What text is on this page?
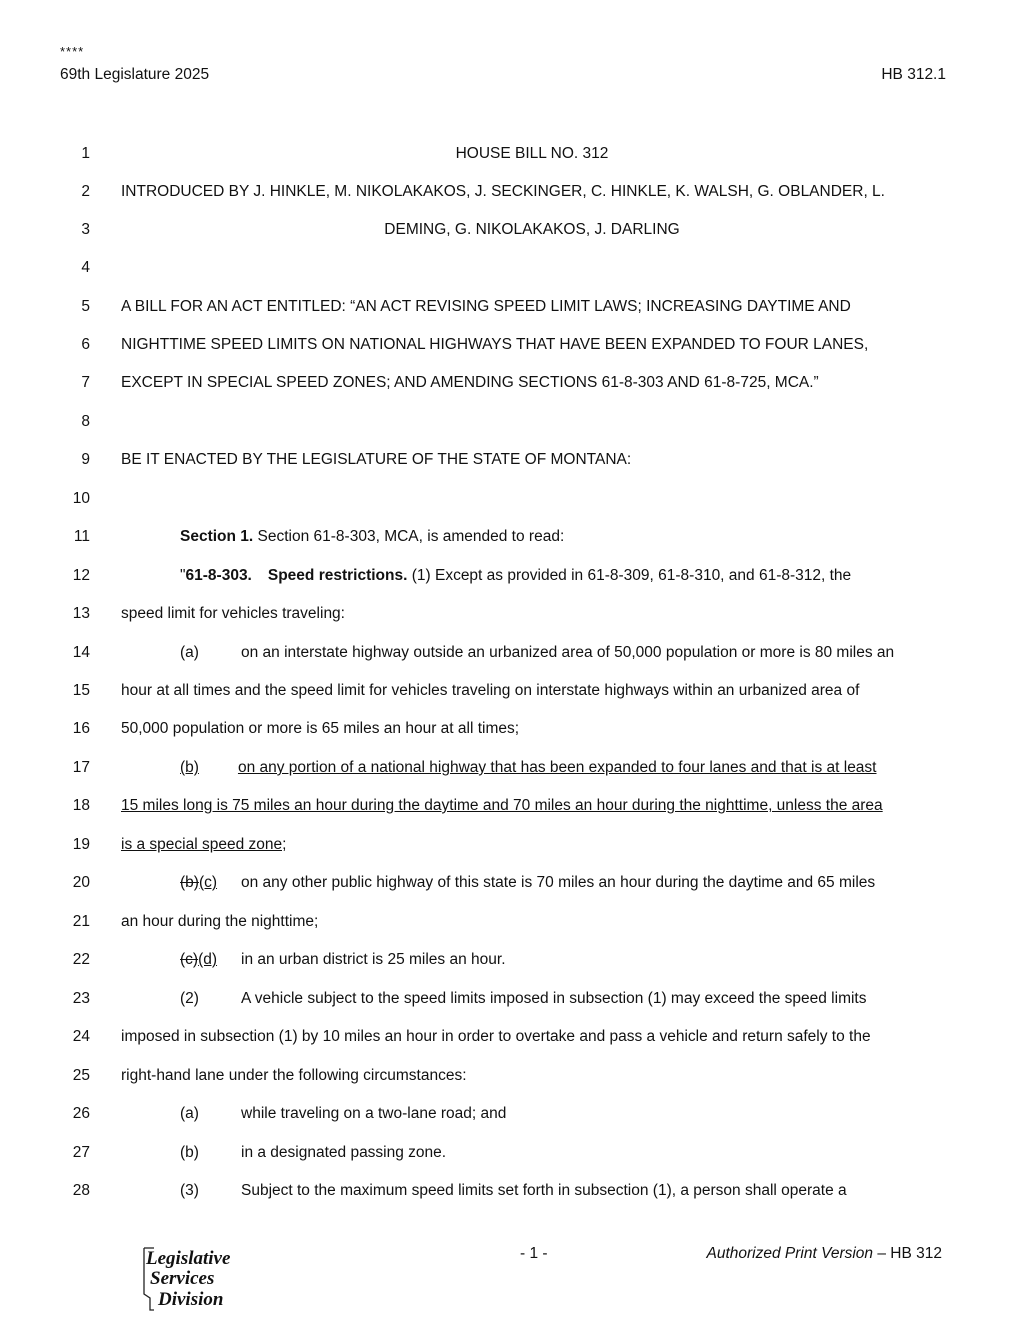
****
69th Legislature 2025	HB 312.1
1	HOUSE BILL NO. 312
2 INTRODUCED BY J. HINKLE, M. NIKOLAKAKOS, J. SECKINGER, C. HINKLE, K. WALSH, G. OBLANDER, L.
3	DEMING, G. NIKOLAKAKOS, J. DARLING
4
5 A BILL FOR AN ACT ENTITLED: “AN ACT REVISING SPEED LIMIT LAWS; INCREASING DAYTIME AND
6 NIGHTTIME SPEED LIMITS ON NATIONAL HIGHWAYS THAT HAVE BEEN EXPANDED TO FOUR LANES,
7 EXCEPT IN SPECIAL SPEED ZONES; AND AMENDING SECTIONS 61-8-303 AND 61-8-725, MCA.”
8
9 BE IT ENACTED BY THE LEGISLATURE OF THE STATE OF MONTANA:
10
11	Section 1. Section 61-8-303, MCA, is amended to read:
12	"61-8-303. Speed restrictions. (1) Except as provided in 61-8-309, 61-8-310, and 61-8-312, the
13 speed limit for vehicles traveling:
14	(a)	on an interstate highway outside an urbanized area of 50,000 population or more is 80 miles an
15 hour at all times and the speed limit for vehicles traveling on interstate highways within an urbanized area of
16 50,000 population or more is 65 miles an hour at all times;
17	(b)	on any portion of a national highway that has been expanded to four lanes and that is at least
18 15 miles long is 75 miles an hour during the daytime and 70 miles an hour during the nighttime, unless the area
19 is a special speed zone;
20	(b)(c) on any other public highway of this state is 70 miles an hour during the daytime and 65 miles
21 an hour during the nighttime;
22	(c)(d) in an urban district is 25 miles an hour.
23	(2)	A vehicle subject to the speed limits imposed in subsection (1) may exceed the speed limits
24 imposed in subsection (1) by 10 miles an hour in order to overtake and pass a vehicle and return safely to the
25 right-hand lane under the following circumstances:
26	(a)	while traveling on a two-lane road; and
27	(b)	in a designated passing zone.
28	(3)	Subject to the maximum speed limits set forth in subsection (1), a person shall operate a
Legislative
Services
Division
- 1 -	Authorized Print Version – HB 312
